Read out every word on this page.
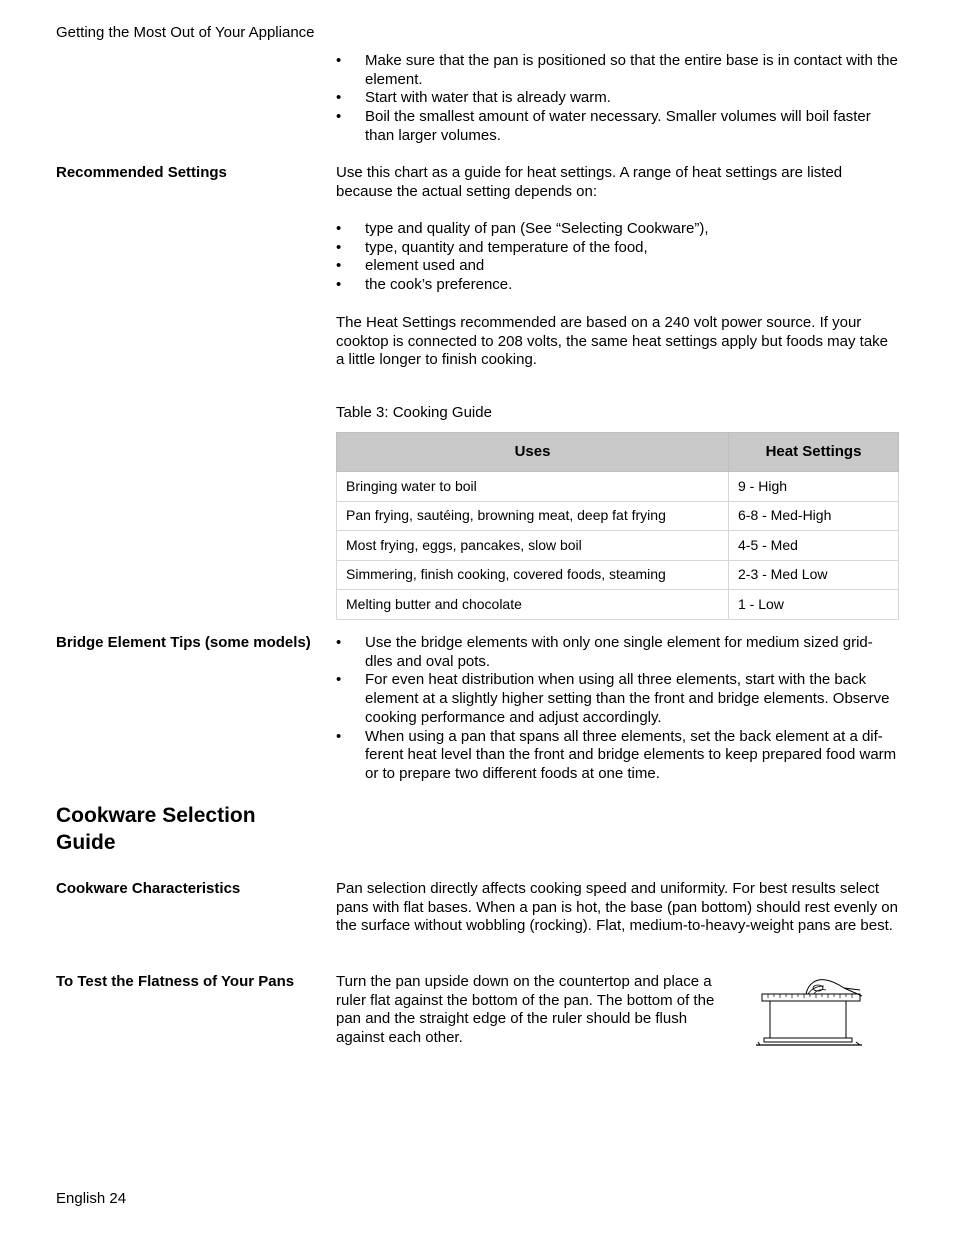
Getting the Most Out of Your Appliance
• Make sure that the pan is positioned so that the entire base is in contact with the element.
• Start with water that is already warm.
• Boil the smallest amount of water necessary. Smaller volumes will boil faster than larger volumes.
Recommended Settings	Use this chart as a guide for heat settings. A range of heat settings are listed because the actual setting depends on:

• type and quality of pan (See “Selecting Cookware”),
• type, quantity and temperature of the food,
• element used and
• the cook’s preference.

The Heat Settings recommended are based on a 240 volt power source. If your cooktop is connected to 208 volts, the same heat settings apply but foods may take a little longer to finish cooking.

Table 3: Cooking Guide
Uses	Heat Settings
Bringing water to boil	9 - High
Pan frying, sautéing, browning meat, deep fat frying	6-8 - Med-High
Most frying, eggs, pancakes, slow boil	4-5 - Med
Simmering, finish cooking, covered foods, steaming	2-3 - Med Low
Melting butter and chocolate	1 - Low
Bridge Element Tips (some models) • Use the bridge elements with only one single element for medium sized grid-dles and oval pots.
• For even heat distribution when using all three elements, start with the back element at a slightly higher setting than the front and bridge elements. Observe cooking performance and adjust accordingly.
• When using a pan that spans all three elements, set the back element at a dif-ferent heat level than the front and bridge elements to keep prepared food warm or to prepare two different foods at one time.
Cookware Selection Guide
Cookware Characteristics	Pan selection directly affects cooking speed and uniformity. For best results select pans with flat bases. When a pan is hot, the base (pan bottom) should rest evenly on the surface without wobbling (rocking). Flat, medium-to-heavy-weight pans are best.

To Test the Flatness of Your Pans	Turn the pan upside down on the countertop and place a ruler flat against the bottom of the pan. The bottom of the pan and the straight edge of the ruler should be flush against each other.

English 24
